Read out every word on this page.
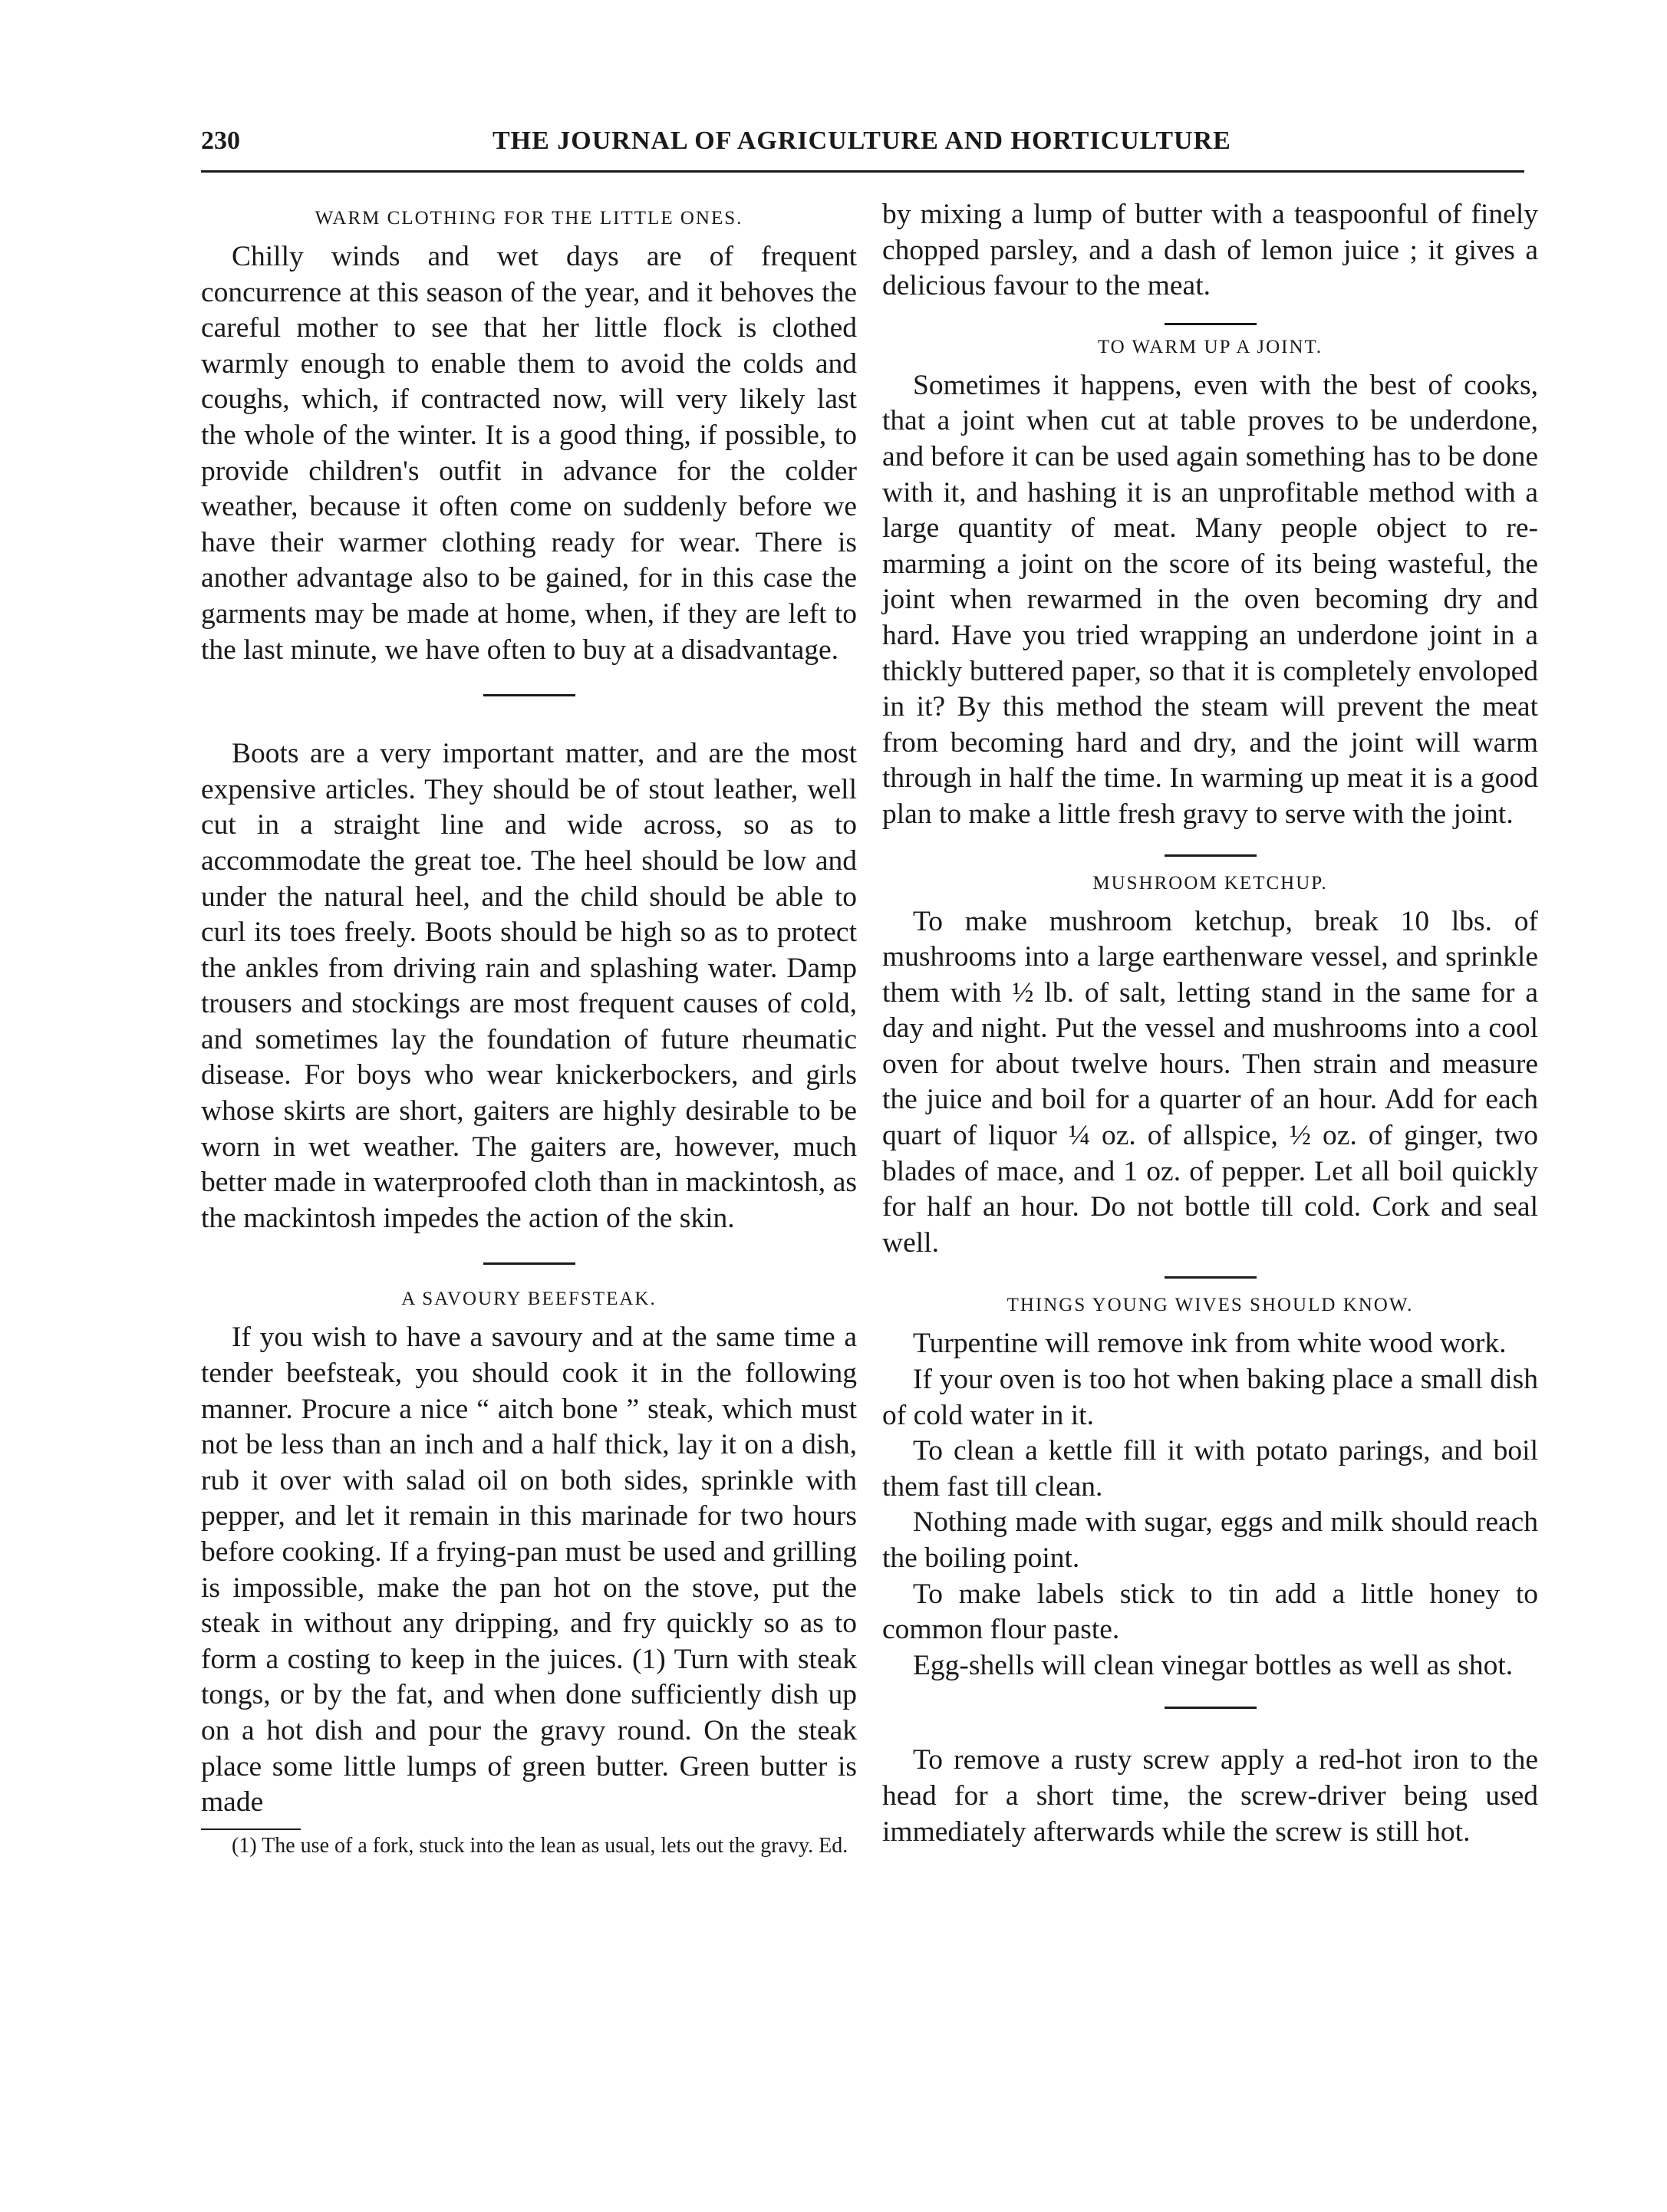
230	THE JOURNAL OF AGRICULTURE AND HORTICULTURE
WARM CLOTHING FOR THE LITTLE ONES.

Chilly winds and wet days are of frequent concurrence at this season of the year, and it behoves the careful mother to see that her little flock is clothed warmly enough to enable them to avoid the colds and coughs, which, if contracted now, will very likely last the whole of the winter. It is a good thing, if possible, to provide children's outfit in advance for the colder weather, because it often come on suddenly before we have their warmer clothing ready for wear. There is another advantage also to be gained, for in this case the garments may be made at home, when, if they are left to the last minute, we have often to buy at a disadvantage.

Boots are a very important matter, and are the most expensive articles. They should be of stout leather, well cut in a straight line and wide across, so as to accommodate the great toe. The heel should be low and under the natural heel, and the child should be able to curl its toes freely. Boots should be high so as to protect the ankles from driving rain and splashing water. Damp trousers and stockings are most frequent causes of cold, and sometimes lay the foundation of future rheumatic disease. For boys who wear knickerbockers, and girls whose skirts are short, gaiters are highly desirable to be worn in wet weather. The gaiters are, however, much better made in waterproofed cloth than in mackintosh, as the mackintosh impedes the action of the skin.

A SAVOURY BEEFSTEAK.

If you wish to have a savoury and at the same time a tender beefsteak, you should cook it in the following manner. Procure a nice “ aitch bone ” steak, which must not be less than an inch and a half thick, lay it on a dish, rub it over with salad oil on both sides, sprinkle with pepper, and let it remain in this marinade for two hours before cooking. If a frying-pan must be used and grilling is impossible, make the pan hot on the stove, put the steak in without any dripping, and fry quickly so as to form a costing to keep in the juices. (1) Turn with steak tongs, or by the fat, and when done sufficiently dish up on a hot dish and pour the gravy round. On the steak place some little lumps of green butter. Green butter is made

(1) The use of a fork, stuck into the lean as usual, lets out the gravy. Ed.

by mixing a lump of butter with a teaspoonful of finely chopped parsley, and a dash of lemon juice ; it gives a delicious favour to the meat.

TO WARM UP A JOINT.

Sometimes it happens, even with the best of cooks, that a joint when cut at table proves to be underdone, and before it can be used again something has to be done with it, and hashing it is an unprofitable method with a large quantity of meat. Many people object to re-marming a joint on the score of its being wasteful, the joint when rewarmed in the oven becoming dry and hard. Have you tried wrapping an underdone joint in a thickly buttered paper, so that it is completely envoloped in it? By this method the steam will prevent the meat from becoming hard and dry, and the joint will warm through in half the time. In warming up meat it is a good plan to make a little fresh gravy to serve with the joint.

MUSHROOM KETCHUP.

To make mushroom ketchup, break 10 lbs. of mushrooms into a large earthenware vessel, and sprinkle them with ½ lb. of salt, letting stand in the same for a day and night. Put the vessel and mushrooms into a cool oven for about twelve hours. Then strain and measure the juice and boil for a quarter of an hour. Add for each quart of liquor ¼ oz. of allspice, ½ oz. of ginger, two blades of mace, and 1 oz. of pepper. Let all boil quickly for half an hour. Do not bottle till cold. Cork and seal well.

THINGS YOUNG WIVES SHOULD KNOW.

Turpentine will remove ink from white wood work.

If your oven is too hot when baking place a small dish of cold water in it.

To clean a kettle fill it with potato parings, and boil them fast till clean.

Nothing made with sugar, eggs and milk should reach the boiling point.

To make labels stick to tin add a little honey to common flour paste.

Egg-shells will clean vinegar bottles as well as shot.

To remove a rusty screw apply a red-hot iron to the head for a short time, the screw-driver being used immediately afterwards while the screw is still hot.
